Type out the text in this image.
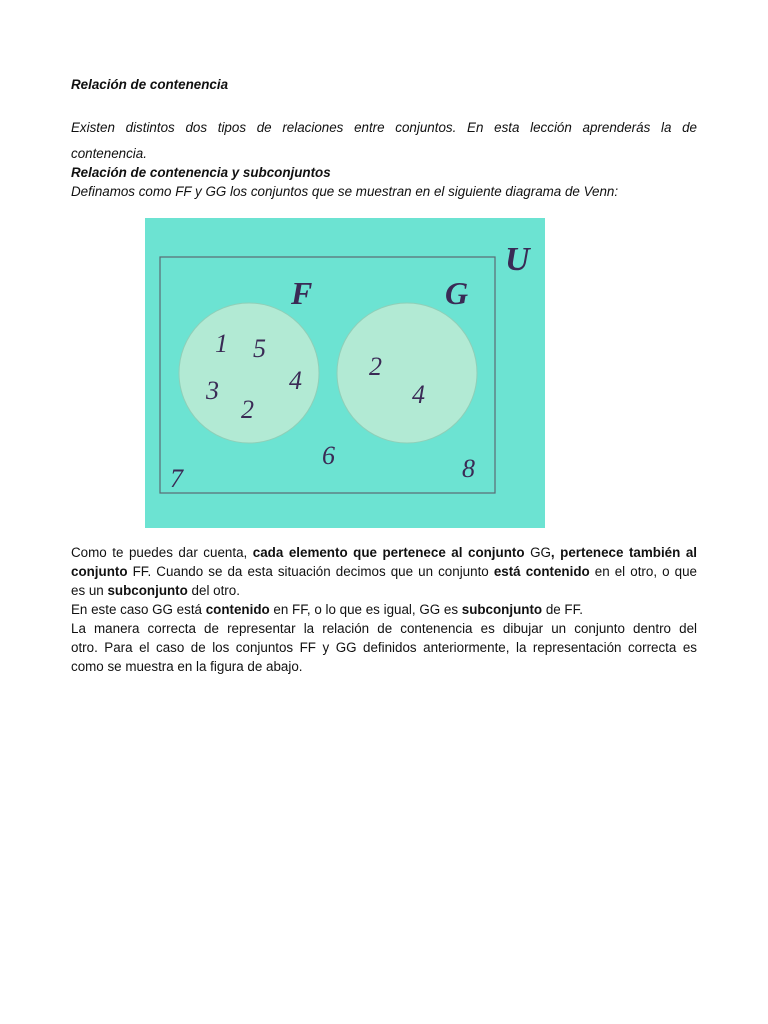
Relación de contenencia
Existen distintos dos tipos de relaciones entre conjuntos. En esta lección aprenderás la de
contenencia.
Relación de contenencia y subconjuntos
Definamos como FF y GG los conjuntos que se muestran en el siguiente diagrama de Venn:
U
F	G
1 5
3	4
2
2
4
6
7	8

Como te puedes dar cuenta, cada elemento que pertenece al conjunto GG, pertenece también al

conjunto FF. Cuando se da esta situación decimos que un conjunto está contenido en el otro, o que

es un subconjunto del otro.

En este caso GG está contenido en FF, o lo que es igual, GG es subconjunto de FF.

La manera correcta de representar la relación de contenencia es dibujar un conjunto dentro del

otro. Para el caso de los conjuntos FF y GG definidos anteriormente, la representación correcta es

como se muestra en la figura de abajo.
